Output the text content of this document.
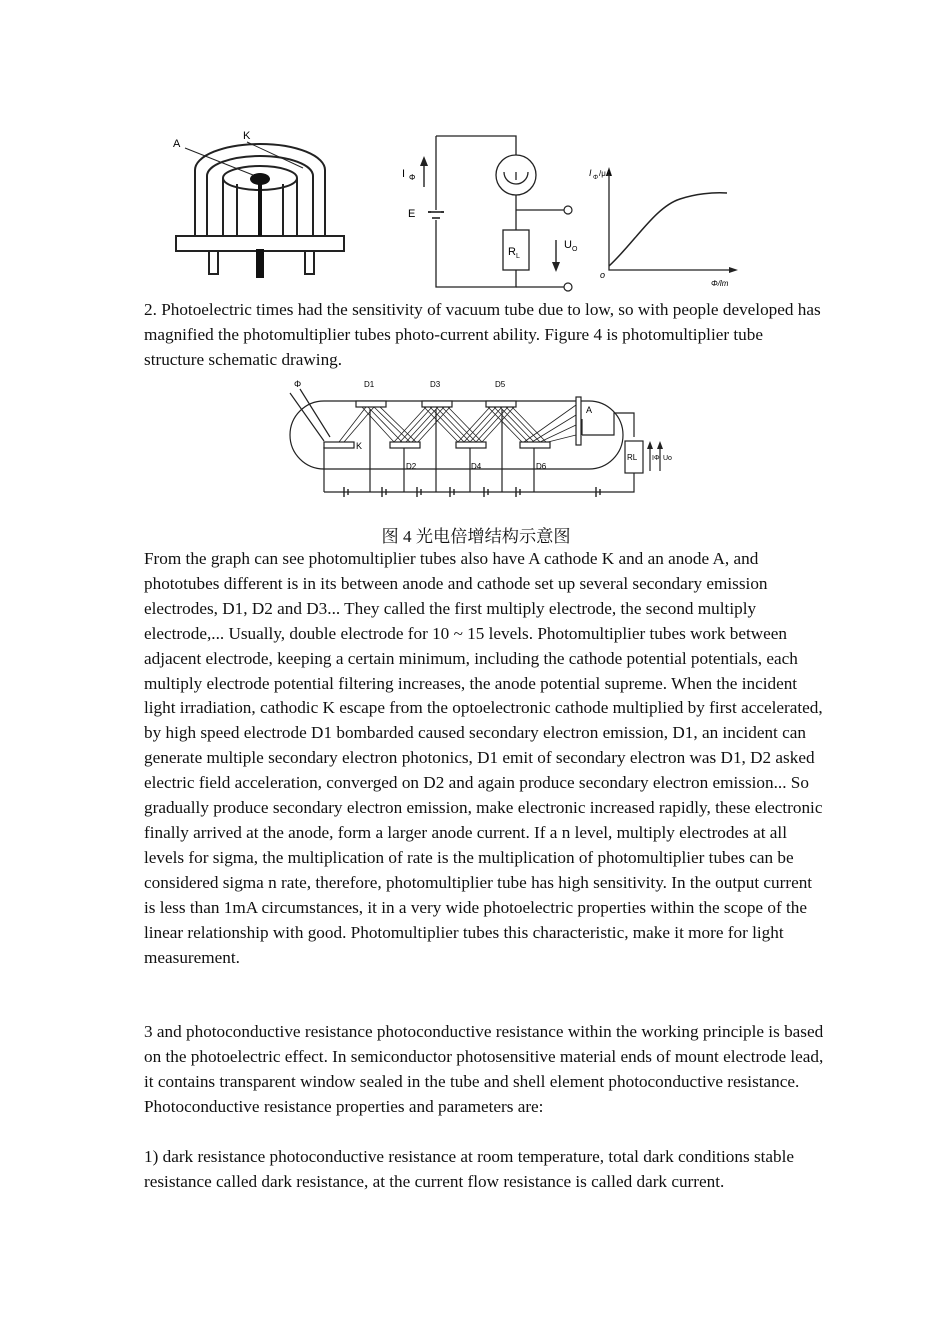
A
K
I Φ
E
R L
U O
I Φ /μA
Φ/lm
o

2. Photoelectric times had the sensitivity of vacuum tube due to low, so with people developed has magnified the photomultiplier tubes photo-current ability. Figure 4 is photomultiplier tube structure schematic drawing.

Φ	D1	D3	D5
D2	D4	D6
A
K
RL IΦ Uo
图 4 光电倍增结构示意图

From the graph can see photomultiplier tubes also have A cathode K and an anode A, and phototubes different is in its between anode and cathode set up several secondary emission electrodes, D1, D2 and D3... They called the first multiply electrode, the second multiply electrode,... Usually, double electrode for 10 ~ 15 levels. Photomultiplier tubes work between adjacent electrode, keeping a certain minimum, including the cathode potential potentials, each multiply electrode potential filtering increases, the anode potential supreme. When the incident light irradiation, cathodic K escape from the optoelectronic cathode multiplied by first accelerated, by high speed electrode D1 bombarded caused secondary electron emission, D1, an incident can generate multiple secondary electron photonics, D1 emit of secondary electron was D1, D2 asked electric field acceleration, converged on D2 and again produce secondary electron emission... So gradually produce secondary electron emission, make electronic increased rapidly, these electronic finally arrived at the anode, form a larger anode current. If a n level, multiply electrodes at all levels for sigma, the multiplication of rate is the multiplication of photomultiplier tubes can be considered sigma n rate, therefore, photomultiplier tube has high sensitivity. In the output current is less than 1mA circumstances, it in a very wide photoelectric properties within the scope of the linear relationship with good. Photomultiplier tubes this characteristic, make it more for light measurement.

3 and photoconductive resistance photoconductive resistance within the working principle is based on the photoelectric effect. In semiconductor photosensitive material ends of mount electrode lead, it contains transparent window sealed in the tube and shell element photoconductive resistance. Photoconductive resistance properties and parameters are:

1) dark resistance photoconductive resistance at room temperature, total dark conditions stable resistance called dark resistance, at the current flow resistance is called dark current.
